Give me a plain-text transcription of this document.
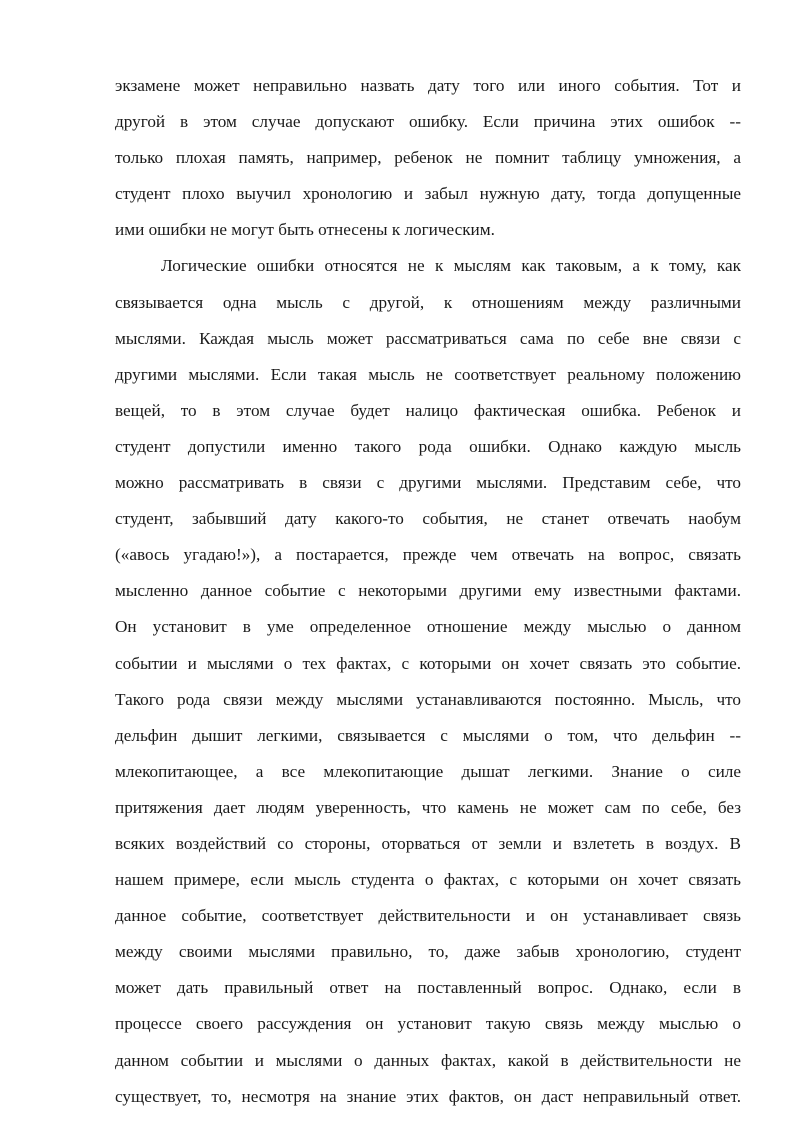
экзамене может неправильно назвать дату того или иного события. Тот и
другой в этом случае допускают ошибку. Если причина этих ошибок --
только плохая память, например, ребенок не помнит таблицу умножения, а
студент плохо выучил хронологию и забыл нужную дату, тогда допущенные
ими ошибки не могут быть отнесены к логическим.
Логические ошибки относятся не к мыслям как таковым, а к тому, как
связывается одна мысль с другой, к отношениям между различными
мыслями. Каждая мысль может рассматриваться сама по себе вне связи с
другими мыслями. Если такая мысль не соответствует реальному положению
вещей, то в этом случае будет налицо фактическая ошибка. Ребенок и
студент допустили именно такого рода ошибки. Однако каждую мысль
можно рассматривать в связи с другими мыслями. Представим себе, что
студент, забывший дату какого-то события, не станет отвечать наобум
(«авось угадаю!»), а постарается, прежде чем отвечать на вопрос, связать
мысленно данное событие с некоторыми другими ему известными фактами.
Он установит в уме определенное отношение между мыслью о данном
событии и мыслями о тех фактах, с которыми он хочет связать это событие.
Такого рода связи между мыслями устанавливаются постоянно. Мысль, что
дельфин дышит легкими, связывается с мыслями о том, что дельфин --
млекопитающее, а все млекопитающие дышат легкими. Знание о силе
притяжения дает людям уверенность, что камень не может сам по себе, без
всяких воздействий со стороны, оторваться от земли и взлететь в воздух. В
нашем примере, если мысль студента о фактах, с которыми он хочет связать
данное событие, соответствует действительности и он устанавливает связь
между своими мыслями правильно, то, даже забыв хронологию, студент
может дать правильный ответ на поставленный вопрос. Однако, если в
процессе своего рассуждения он установит такую связь между мыслью о
данном событии и мыслями о данных фактах, какой в действительности не
существует, то, несмотря на знание этих фактов, он даст неправильный ответ.
